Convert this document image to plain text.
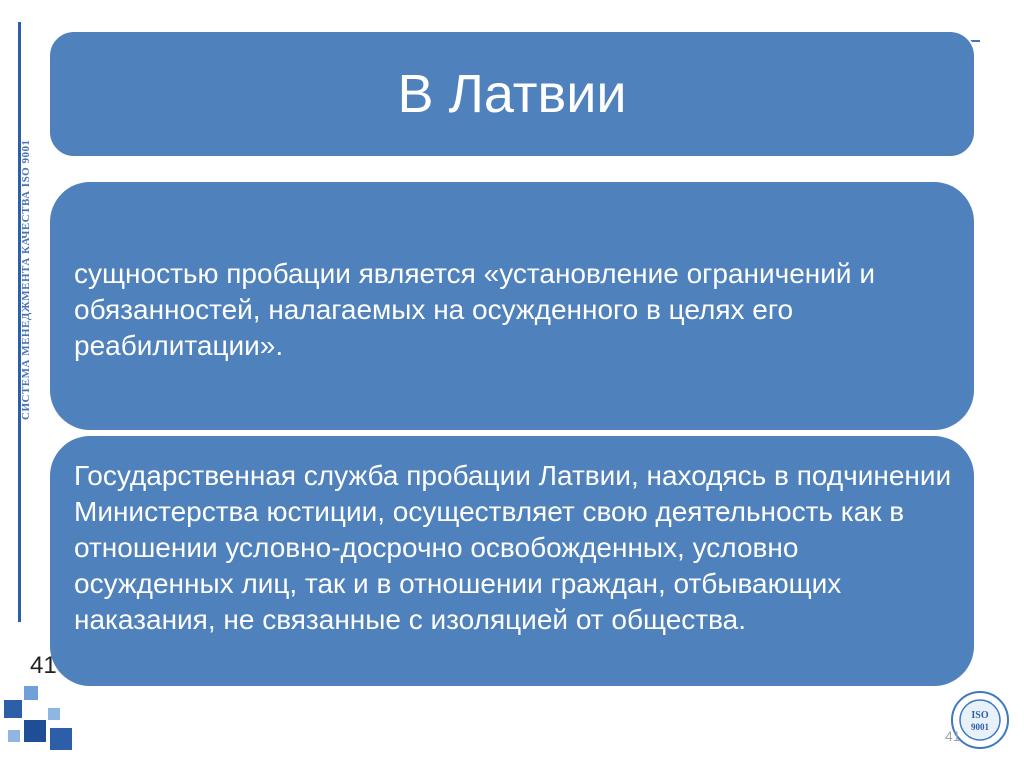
СИСТЕМА МЕНЕДЖМЕНТА КАЧЕСТВА ISO 9001
В Латвии
сущностью пробации является «установление ограничений и обязанностей, налагаемых на осужденного в целях его реабилитации».
Государственная служба пробации Латвии, находясь в подчинении Министерства юстиции, осуществляет свою деятельность как в отношении условно-досрочно освобожденных, условно осужденных лиц, так и в отношении граждан, отбывающих наказания, не связанные с изоляцией от общества.
41
ISO
9001
41
